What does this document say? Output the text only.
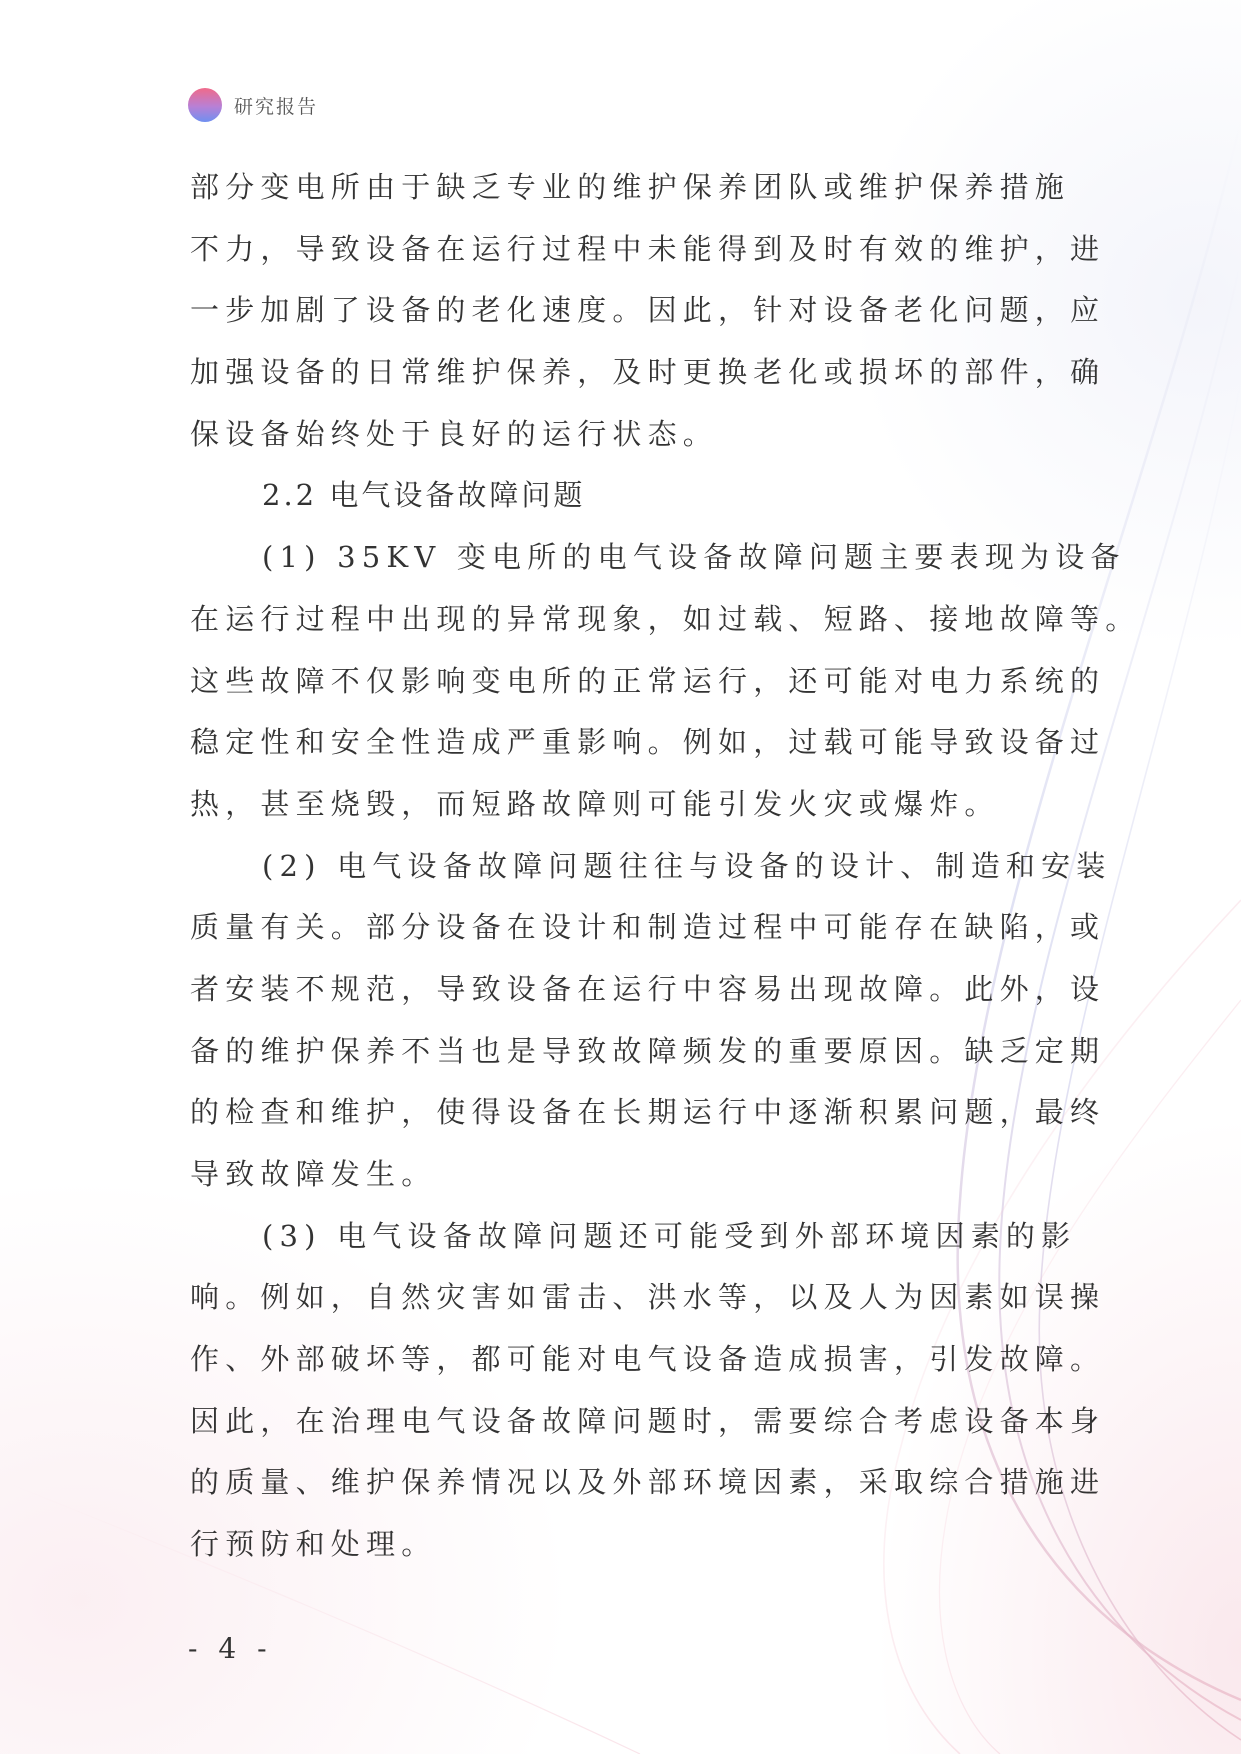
研究报告
部分变电所由于缺乏专业的维护保养团队或维护保养措施
不力，导致设备在运行过程中未能得到及时有效的维护，进
一步加剧了设备的老化速度。因此，针对设备老化问题，应
加强设备的日常维护保养，及时更换老化或损坏的部件，确
保设备始终处于良好的运行状态。
2.2 电气设备故障问题
(1) 35KV 变电所的电气设备故障问题主要表现为设备
在运行过程中出现的异常现象，如过载、短路、接地故障等。
这些故障不仅影响变电所的正常运行，还可能对电力系统的
稳定性和安全性造成严重影响。例如，过载可能导致设备过
热，甚至烧毁，而短路故障则可能引发火灾或爆炸。
(2) 电气设备故障问题往往与设备的设计、制造和安装
质量有关。部分设备在设计和制造过程中可能存在缺陷，或
者安装不规范，导致设备在运行中容易出现故障。此外，设
备的维护保养不当也是导致故障频发的重要原因。缺乏定期
的检查和维护，使得设备在长期运行中逐渐积累问题，最终
导致故障发生。
(3) 电气设备故障问题还可能受到外部环境因素的影
响。例如，自然灾害如雷击、洪水等，以及人为因素如误操
作、外部破坏等，都可能对电气设备造成损害，引发故障。
因此，在治理电气设备故障问题时，需要综合考虑设备本身
的质量、维护保养情况以及外部环境因素，采取综合措施进
行预防和处理。
- 4 -
